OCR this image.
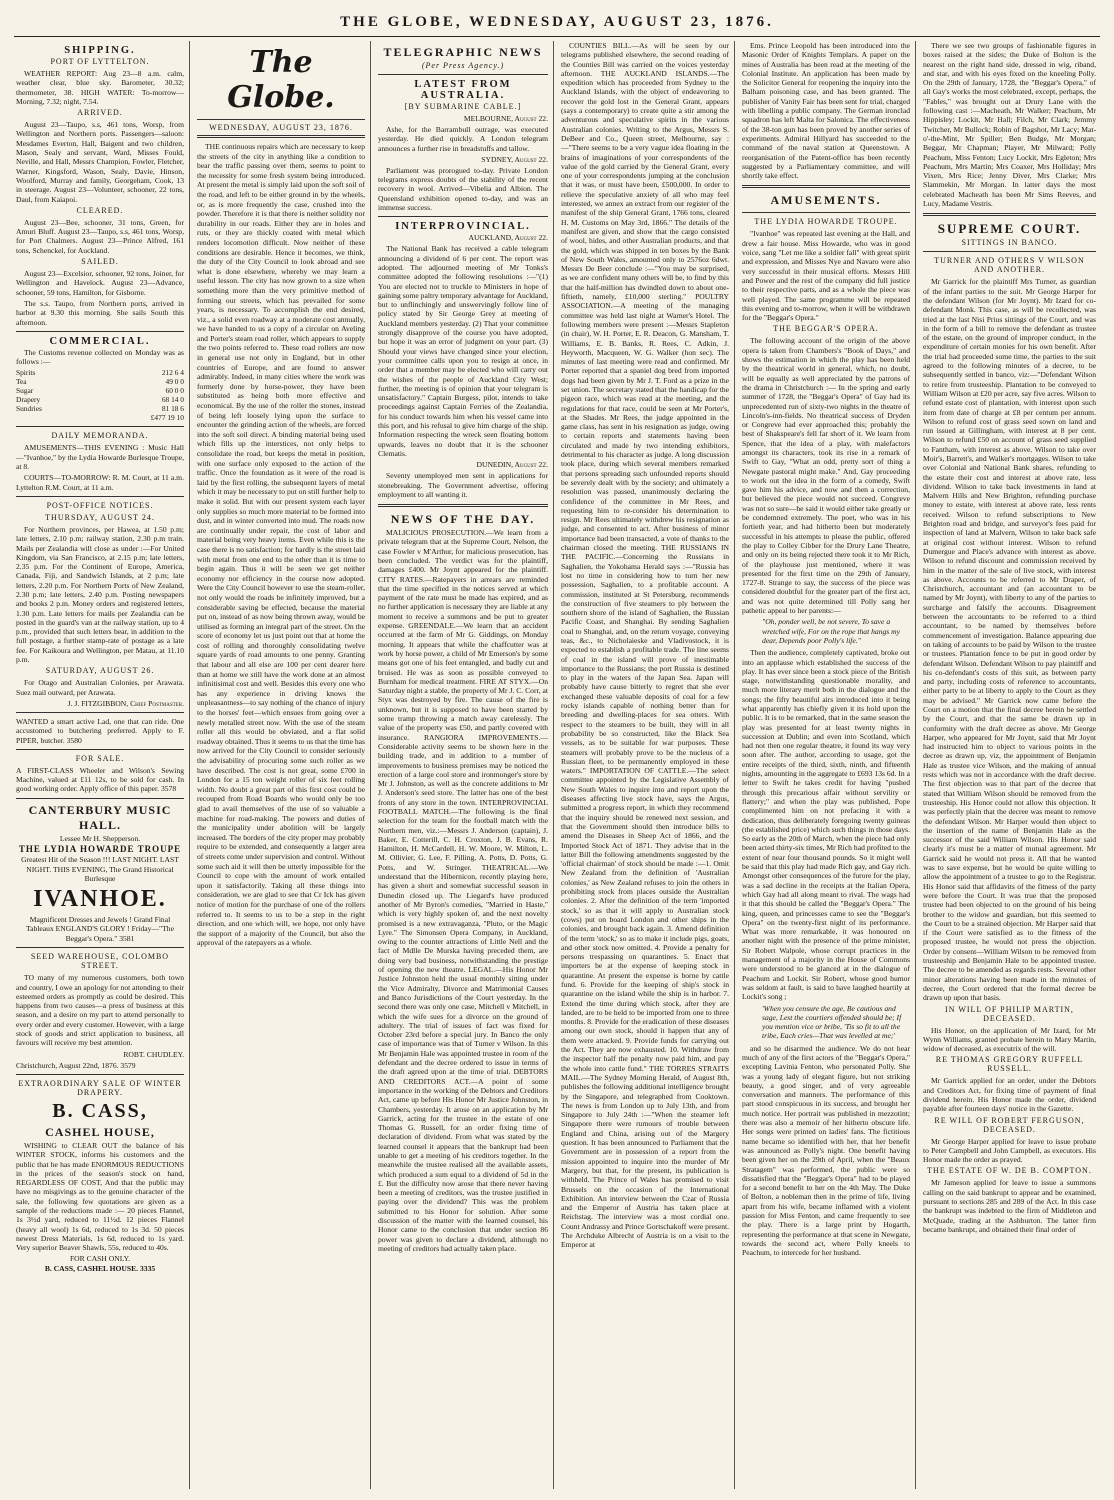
THE GLOBE, WEDNESDAY, AUGUST 23, 1876.
SHIPPING.
PORT OF LYTTELTON.

WEATHER REPORT: Aug 23—8 a.m. calm, weather clear, blue sky. Barometer, 30.32; thermometer, 38. HIGH WATER: To-morrow—Morning, 7.32; night, 7.54.

ARRIVED.

August 23—Taupo, s.s, 461 tons, Worsp, from Wellington and Northern ports. Passengers—saloon: Mesdames Everton, Hall, Baigent and two children, Mason, Sealy and servant, Ward, Misses Fould, Neville, and Hall, Messrs Champion, Fowler, Fletcher, Warner, Kingsford, Wason, Sealy, Davie, Hinson, Woolford, Murray and family, Georgeham, Cook, 13 in steerage. August 23—Volunteer, schooner, 22 tons, Daul, from Kaiapoi.

CLEARED.

August 23—Bee, schooner, 31 tons, Green, for Amuri Bluff. August 23—Taupo, s.s, 461 tons, Worsp, for Port Chalmers. August 23—Prince Alfred, 161 tons, Schenckel, for Auckland.

SAILED.

August 23—Excelsior, schooner, 92 tons, Joiner, for Wellington and Havelock. August 23—Advance, schooner, 59 tons, Hamilton, for Gisborne.

The s.s. Taupo, from Northern ports, arrived in harbor at 9.30 this morning. She sails South this afternoon.

COMMERCIAL.

The Customs revenue collected on Monday was as follows :—

Spirits	212 6 4
Tea	49 0 0
Sugar	60 0 0
Drapery	68 14 0
Sundries	81 18 6
	£477 19 10
DAILY MEMORANDA.

AMUSEMENTS—THIS EVENING : Music Hall—"Ivanhoe," by the Lydia Howarde Burlesque Troupe, at 8.

COURTS—TO-MORROW: R. M. Court, at 11 a.m. Lyttelton R.M. Court, at 11 a.m.

POST-OFFICE NOTICES.
THURSDAY, AUGUST 24.

For Northern provinces, per Hawea, at 1.50 p.m; late letters, 2.10 p.m; railway station, 2.30 p.m train. Mails per Zealandia will close as under :—For United Kingdom, via San Francisco, at 2.15 p.m; late letters, 2.35 p.m. For the Continent of Europe, America, Canada, Fiji, and Sandwich Islands, at 2 p.m; late letters, 2.20 p.m. For Northern Ports of New Zealand, 2.30 p.m; late letters, 2.40 p.m. Posting newspapers and books 2 p.m. Money orders and registered letters, 1.30 p.m. Late letters for mails per Zealandia can be posted in the guard's van at the railway station, up to 4 p.m., provided that such letters bear, in addition to the full postage, a further stamp-rate of postage as a late fee. For Kaikoura and Wellington, per Matau, at 11.10 p.m.

SATURDAY, AUGUST 26.

For Otago and Australian Colonies, per Arawata. Suez mail outward, per Arawata.

J. J. FITZGIBBON, Chief Postmaster.

WANTED a smart active Lad, one that can ride. One accustomed to butchering preferred. Apply to F. PIPER, butcher. 3580

FOR SALE.

A FIRST-CLASS Wheeler and Wilson's Sewing Machine, valued at £11 12s, to be sold for cash. In good working order. Apply office of this paper. 3578

CANTERBURY MUSIC HALL.
Lessee Mr H. Shepperson.
THE LYDIA HOWARDE TROUPE
Greatest Hit of the Season !!! LAST NIGHT. LAST NIGHT. THIS EVENING, The Grand Historical Burlesque
IVANHOE.
Magnificent Dresses and Jewels ! Grand Final Tableaux ENGLAND'S GLORY ! Friday—"The Beggar's Opera." 3581
SEED WAREHOUSE, COLOMBO STREET.

TO many of my numerous customers, both town and country, I owe an apology for not attending to their esteemed orders as promptly as could be desired. This happens from two causes—a press of business at this season, and a desire on my part to attend personally to every order and every customer. However, with a large stock of goods and strict application to business, all favours will receive my best attention.

ROBT. CHUDLEY.

Christchurch, August 22nd, 1876. 3579

EXTRAORDINARY SALE OF WINTER DRAPERY.
B. CASS,
CASHEL HOUSE,

WISHING to CLEAR OUT the balance of his WINTER STOCK, informs his customers and the public that he has made ENORMOUS REDUCTIONS in the prices of the season's stock on hand, REGARDLESS OF COST, And that the public may have no misgivings as to the genuine character of the sale, the following few quotations are given as a sample of the reductions made :— 20 pieces Flannel, 1s 3½d yard, reduced to 11½d. 12 pieces Flannel (heavy all wool) 1s 6d, reduced to 1s 3d. 50 pieces newest Dress Materials, 1s 6d, reduced to 1s yard. Very superior Beaver Shawls, 55s, reduced to 40s.

FOR CASH ONLY.
B. CASS, CASHEL HOUSE. 3335
The Globe.
WEDNESDAY, AUGUST 23, 1876.

THE continuous repairs which are necessary to keep the streets of the city in anything like a condition to bear the traffic passing over them, seems to point to the necessity for some fresh system being introduced. At present the metal is simply laid upon the soft soil of the road, and left to be either ground in by the wheels, or, as is more frequently the case, crushed into the powder. Therefore it is that there is neither solidity nor durability in our roads. Either they are in holes and ruts, or they are thickly coated with metal which renders locomotion difficult. Now neither of these conditions are desirable. Hence it becomes, we think, the duty of the City Council to look abroad and see what is done elsewhere, whereby we may learn a useful lesson. The city has now grown to a size when something more than the very primitive method of forming our streets, which has prevailed for some years, is necessary. To accomplish the end desired, viz., a solid even roadway at a moderate cost annually, we have handed to us a copy of a circular on Aveling and Porter's steam road roller, which appears to supply the two points referred to. These road rollers are now in general use not only in England, but in other countries of Europe, and are found to answer admirably. Indeed, in many cities where the work was formerly done by horse-power, they have been substituted as being both more effective and economical. By the use of the roller the stones, instead of being left loosely lying upon the surface to encounter the grinding action of the wheels, are forced into the soft soil direct. A binding material being used which fills up the interstices, not only helps to consolidate the road, but keeps the metal in position, with one surface only exposed to the action of the traffic. Once the foundation as it were of the road is laid by the first rolling, the subsequent layers of metal which it may be necessary to put on still further help to make it solid. But with our present system each layer only supplies so much more material to be formed into dust, and in winter converted into mud. The roads now are continually under repair, the cost of labor and material being very heavy items. Even while this is the case there is no satisfaction; for hardly is the street laid with metal from one end to the other than it is time to begin again. Thus it will be seen we get neither economy nor efficiency in the course now adopted. Were the City Council however to use the steam-roller, not only would the roads be infinitely improved, but a considerable saving be effected, because the material put on, instead of as now being thrown away, would be utilised as forming an integral part of the street. On the score of economy let us just point out that at home the cost of rolling and thoroughly consolidating twelve square yards of road amounts to one penny. Granting that labour and all else are 100 per cent dearer here than at home we still have the work done at an almost infinitisimal cost and well. Besides this every one who has any experience in driving knows the unpleasantness—to say nothing of the chance of injury to the horses' feet—which ensues from going over a newly metalled street now. With the use of the steam roller all this would be obviated, and a flat solid roadway obtained. Thus it seems to us that the time has now arrived for the City Council to consider seriously the advisability of procuring some such roller as we have described. The cost is not great, some £700 in London for a 15 ton weight roller of six feet rolling width. No doubt a great part of this first cost could be recouped from Road Boards who would only be too glad to avail themselves of the use of so valuable a machine for road-making. The powers and duties of the municipality under abolition will be largely increased. The borders of the city proper may probably require to be extended, and consequently a larger area of streets come under supervision and control. Without some such aid it will then be utterly impossible for the Council to cope with the amount of work entailed upon it satisfactorily. Taking all these things into consideration, we are glad to see that Cr Ick has given notice of motion for the purchase of one of the rollers referred to. It seems to us to be a step in the right direction, and one which will, we hope, not only have the support of a majority of the Council, but also the approval of the ratepayers as a whole.

TELEGRAPHIC NEWS
(Per Press Agency.)
LATEST FROM AUSTRALIA.
[BY SUBMARINE CABLE.]
MELBOURNE, August 22.

Ashe, for the Barrambull outrage, was executed yesterday. He died quickly. A London telegram announces a further rise in breadstuffs and tallow.

SYDNEY, August 22.

Parliament was prorogued to-day. Private London telegrams express doubts of the stability of the recent recovery in wool. Arrived—Vibelia and Albion. The Queensland exhibition opened to-day, and was an immense success.

INTERPROVINCIAL.
AUCKLAND, August 22.

The National Bank has received a cable telegram announcing a dividend of 6 per cent. The report was adopted. The adjourned meeting of Mr Tonks's committee adopted the following resolutions :—"(1) You are elected not to truckle to Ministers in hope of gaining some paltry temporary advantage for Auckland, but to unflinchingly and unswervingly follow line of policy stated by Sir George Grey at meeting of Auckland members yesterday. (2) That your committee strongly disapprove of the course you have adopted, but hope it was an error of judgment on your part. (3) Should your views have changed since your election, your committee calls upon you to resign at once, in order that a member may be elected who will carry out the wishes of the people of Auckland City West; further, the meeting is of opinion that your telegram is unsatisfactory." Captain Burgess, pilot, intends to take proceedings against Captain Ferries of the Zealandia, for his conduct towards him when his vessel came into this port, and his refusal to give him charge of the ship. Information respecting the wreck seen floating bottom upwards, leaves no doubt that it is the schooner Clematis.

DUNEDIN, August 22.

Seventy unemployed men sent in applications for stonebreaking. The Government advertise, offering employment to all wanting it.

NEWS OF THE DAY.

MALICIOUS PROSECUTION.—We learn from a private telegram that at the Supreme Court, Nelson, the case Fowler v M'Arthur, for malicious prosecution, has been concluded. The verdict was for the plaintiff, damages £400. Mr Joynt appeared for the plaintiff. CITY RATES.—Ratepayers in arrears are reminded that the time specified in the notices served at which payment of the rate must be made has expired, and as no further application is necessary they are liable at any moment to receive a summons and be put to greater expense. GREENDALE.—We learn that an accident occurred at the farm of Mr G. Giddings, on Monday morning. It appears that while the chaffcutter was at work by horse power, a child of Mr Emerson's by some means got one of his feet entangled, and badly cut and bruised. He was as soon as possible conveyed to Burnham for medical treatment. FIRE AT STYX.—On Saturday night a stable, the property of Mr J. C. Corr, at Styx was destroyed by fire. The cause of the fire is unknown, but it is supposed to have been started by some tramp throwing a match away carelessly. The value of the property was £50, and partly covered with insurance. RANGIORA IMPROVEMENTS.—Considerable activity seems to be shown here in the building trade, and in addition to a number of improvements to business premises may be noticed the erection of a large cool store and ironmonger's store by Mr J. Johnston, as well as the concrete additions to Mr J. Anderson's seed store. The latter has one of the best fronts of any store in the town. INTERPROVINCIAL FOOTBALL MATCH.—The following is the final selection for the team for the football match with the Northern men, viz.:—Messrs J. Anderson (captain), J. Baker, E. Cotterill, C. H. Croxton, J. B. Evans, R. Hamilton, H. McCardell, H. W. Moore, W. Milton, L. M. Ollivier, G. Lee, F. Pilling, A. Potts, D. Potts, G. Potts, and W. Stringer. THEATRICAL.—We understand that the Hibernicon, recently playing here, has given a short and somewhat successful season in Dunedin closed up. The Liegard's have produced another of Mr Byron's comedies, "Married in Haste," which is very highly spoken of, and the next novelty promised is a new extravaganza, "Pluto, or the Magic Lyre." The Simonsen Opera Company, in Auckland, owing to the counter attractions of Little Nell and the fact of Mdlle De Murska having preceded them, are doing very bad business, notwithstanding the prestige of opening the new theatre. LEGAL.—His Honor Mr Justice Johnston held the usual monthly sitting under the Vice Admiralty, Divorce and Matrimonial Causes and Banco Jurisdictions of the Court yesterday. In the second there was only one case, Mitchell v Mitchell, in which the wife sues for a divorce on the ground of adultery. The trial of issues of fact was fixed for October 23rd before a special jury. In Banco the only case of importance was that of Turner v Wilson. In this Mr Benjamin Hale was appointed trustee in room of the defendant and the decree ordered to issue in terms of the draft agreed upon at the time of trial. DEBTORS AND CREDITORS ACT.—A point of some importance in the working of the Debtors and Creditors Act, came up before His Honor Mr Justice Johnston, in Chambers, yesterday. It arose on an application by Mr Garrick, acting for the trustee in the estate of one Thomas G. Russell, for an order fixing time of declaration of dividend. From what was stated by the learned counsel it appears that the bankrupt had been unable to get a meeting of his creditors together. In the meanwhile the trustee realised all the available assets, which produced a sum equal to a dividend of 5d in the £. But the difficulty now arose that there never having been a meeting of creditors, was the trustee justified in paying over the dividend? This was the problem submitted to his Honor for solution. After some discussion of the matter with the learned counsel, his Honor came to the conclusion that under section 86 power was given to declare a dividend, although no meeting of creditors had actually taken place.

COUNTIES BILL.—As will be seen by our telegrams published elsewhere, the second reading of the Counties Bill was carried on the voices yesterday afternoon. THE AUCKLAND ISLANDS.—The expedition which has proceeded from Sydney to the Auckland Islands, with the object of endeavoring to recover the gold lost in the General Grant, appears (says a contemporary) to create quite a stir among the adventurous and speculative spirits in the various Australian colonies. Writing to the Argus, Messrs S. DeBeer and Co., Queen street, Melbourne, say :—"There seems to be a very vague idea floating in the brains of imaginations of your correspondents of the value of the gold carried by the General Grant, every one of your correspondents jumping at the conclusion that it was, or must have been, £500,000. In order to relieve the speculative anxiety of all who may feel interested, we annex an extract from our register of the manifest of the ship General Grant, 1766 tons, cleared H. M. Customs on May 3rd, 1866." The details of the manifest are given, and show that the cargo consisted of wool, hides, and other Australian products, and that the gold, which was shipped in ten boxes by the Bank of New South Wales, amounted only to 2576oz 6dwt. Messrs De Beer conclude :—"You may be surprised, as we are confident many others will be, to find by this that the half-million has dwindled down to about one-fiftieth, namely, £10,000 sterling." POULTRY ASSOCIATION.—A meeting of the managing committee was held last night at Warner's Hotel. The following members were present :—Messrs Stapleton (in chair), W. H. Porter, E. R. Deacon, G. Mansham, T. Williams, E. B. Banks, R. Rees, C. Adkin, J. Heyworth, Macqueen, W. G. Walker (hon sec). The minutes of last meeting were read and confirmed. Mr Porter reported that a spaniel dog bred from imported dogs had been given by Mr J. T. Ford as a prize in the set union. The secretary stated that the handicap for the pigeon race, which was read at the meeting, and the regulations for that race, could be seen at Mr Porter's, at the Shades. Mr Rees, the judge appointed in the game class, has sent in his resignation as judge, owing to certain reports and statements having been circulated and made by two intending exhibitors, detrimental to his character as judge. A long discussion took place, during which several members remarked that persons spreading such unfounded reports should be severely dealt with by the society; and ultimately a resolution was passed, unanimously declaring the confidence of the committee in Mr Rees, and requesting him to re-consider his determination to resign. Mr Rees ultimately withdrew his resignation as judge, and consented to act. After business of minor importance had been transacted, a vote of thanks to the chairman closed the meeting. THE RUSSIANS IN THE PACIFIC.—Concerning the Russians in Saghalien, the Yokohama Herald says :—"Russia has lost no time in considering how to turn her new possession, Saghalien, to a profitable account. A commission, instituted at St Petersburg, recommends the construction of five steamers to ply between the southern shore of the island of Saghalien, the Russian Pacific Coast, and Shanghai. By sending Saghalien coal to Shanghai, and, on the return voyage, conveying teas, &c., to Nicholaieske and Vladivostock, it is expected to establish a profitable trade. The line seems of coal in the island will prove of inestimable importance to the Russians; the port Russia is destined to play in the waters of the Japan Sea. Japan will probably have cause bitterly to regret that she ever exchanged these valuable deposits of coal for a few rocky islands capable of nothing better than for breeding and dwelling-places for sea otters. With respect to the steamers to be built, they will in all probability be so constructed, like the Black Sea vessels, as to be suitable for war purposes. These steamers will probably prove to be the nucleus of a Russian fleet, to be permanently employed in these waters." IMPORTATION OF CATTLE.—The select committee appointed by the Legislative Assembly of New South Wales to inquire into and report upon the diseases affecting live stock have, says the Argus, submitted a progress report, in which they recommend that the inquiry should be renewed next session, and that the Government should then introduce bills to amend the Diseases in Sheep Act of 1866, and the Imported Stock Act of 1871. They advise that in the latter Bill the following amendments suggested by the 'official chairman' of stock should be made :—1. Omit New Zealand from the definition of 'Australian colonies,' as New Zealand refuses to join the others in prohibiting stock from places outside the Australian colonies. 2. After the definition of the term 'imported stock,' so as that it will apply to Australian stock (cows) put on board London and other ships in the colonies, and brought back again. 3. Amend definition of the term 'stock,' so as to make it include pigs, goats, and other stock now omitted. 4. Provide a penalty for persons trespassing on quarantines. 5. Enact that importers be at the expense of keeping stock in quarantine. At present the expense is borne by cattle fund. 6. Provide for the keeping of ship's stock in quarantine on the island while the ship is in harbor. 7. Extend the time during which stock, after they are landed, are to be held to be imported from one to three months. 8. Provide for the eradication of these diseases among our own stock, should it happen that any of them were attacked. 9. Provide funds for carrying out the Act. They are now exhausted. 10. Withdraw from the inspector half the penalty now paid him, and pay the whole into cattle fund." THE TORRES STRAITS MAIL.—The Sydney Morning Herald, of August 8th, publishes the following additional intelligence brought by the Singapore, and telegraphed from Cooktown. The news is from London up to July 13th, and from Singapore to July 24th :—"When the steamer left Singapore there were rumours of trouble between England and China, arising out of the Margery question. It has been announced to Parliament that the Government are in possession of a report from the mission appointed to inquire into the murder of Mr Margery, but that, for the present, its publication is withheld. The Prince of Wales has promised to visit Brussels on the occasion of the International Exhibition. An interview between the Czar of Russia and the Emperor of Austria has taken place at Reichstag. The interview was a most cordial one. Count Andrassy and Prince Gortschakoff were present. The Archduke Albrecht of Austria is on a visit to the Emperor at

Ems. Prince Leopold has been introduced into the Masonic Order of Knights Templars. A paper on the mines of Australia has been read at the meeting of the Colonial Institute. An application has been made by the Solicitor General for reopening the inquiry into the Balham poisoning case, and has been granted. The publisher of Vanity Fair has been sent for trial, charged with libelling a public company. The German ironclad squadron has left Malta for Salonica. The effectiveness of the 38-ton gun has been proved by another series of experiments. Admiral Hillyard has succeeded to the command of the naval station at Queenstown. A reorganisation of the Patent-office has been recently suggested by a Parliamentary committee, and will shortly take effect.

AMUSEMENTS.
THE LYDIA HOWARDE TROUPE.

"Ivanhoe" was repeated last evening at the Hall, and drew a fair house. Miss Howarde, who was in good voice, sang "Let me like a soldier fall" with great spirit and expression, and Misses Nye and Navaro were also very successful in their musical efforts. Messrs Hill and Power and the rest of the company did full justice to their respective parts, and as a whole the piece was well played. The same programme will be repeated this evening and to-morrow, when it will be withdrawn for the "Beggar's Opera."

THE BEGGAR'S OPERA.

The following account of the origin of the above opera is taken from Chambers's "Book of Days," and shows the estimation in which the play has been held by the theatrical world in general, which, no doubt, will be equally as well appreciated by the patrons of the drama in Christchurch :— In the spring and early summer of 1728, the "Beggar's Opera" of Gay had its unprecedented run of sixty-two nights in the theatre of Lincoln's-inn-fields. No theatrical success of Dryden or Congreve had ever approached this; probably the best of Shakspeare's fell far short of it. We learn from Spence, that the idea of a play, with malefactors amongst its characters, took its rise in a remark of Swift to Gay, "What an odd, pretty sort of thing a Newgate pastoral might make." And, Gay proceeding to work out the idea in the form of a comedy, Swift gave him his advice, and now and then a correction, but believed the piece would not succeed. Congreve was not so sure—he said it would either take greatly or be condemned extremely. The poet, who was in his fortieth year, and had hitherto been but moderately successful in his attempts to please the public, offered the play to Colley Cibber for the Drury Lane Theatre, and only on its being rejected there took it to Mr Rich, of the playhouse just mentioned, where it was presented for the first time on the 29th of January, 1727-8. Strange to say, the success of the piece was considered doubtful for the greater part of the first act, and was not quite determined till Polly sang her pathetic appeal to her parents:—

"Oh, ponder well, be not severe, To save a wretched wife, For on the rope that hangs my dear, Depends poor Polly's life."

Then the audience, completely captivated, broke out into an applause which established the success of the play. It has ever since been a stock piece of the British stage, notwithstanding questionable morality, and much more literary merit both in the dialogue and the songs; the fifty beautiful airs introduced into it being what apparently has chiefly given it its hold upon the public. It is to be remarked, that in the same season the play was presented for at least twenty nights in succession at Dublin; and even into Scotland, which had not then one regular theatre, it found its way very soon after. The author, according to usage, got the entire receipts of the third, sixth, ninth, and fifteenth nights, amounting in the aggregate to £693 13s 6d. In a letter to Swift he takes credit for having "pushed through this precarious affair without servility or flattery;" and when the play was published, Pope complimented him on not prefacing it with a dedication, thus deliberately foregoing twenty guineas (the established price) which such things in those days. So early as the 20th of March, when the piece had only been acted thirty-six times, Mr Rich had profited to the extent of near four thousand pounds. So it might well be said that this play had made Rich gay, and Gay rich. Amongst other consequences of the furore for the play, was a sad decline in the receipts at the Italian Opera, which Gay had all along meant to rival. The wags had it that this should be called the "Beggar's Opera." The king, queen, and princesses came to see the "Beggar's Opera" on the twenty-first night of its performance. What was more remarkable, it was honoured on another night with the presence of the prime minister, Sir Robert Walpole, whose corrupt practices in the management of a majority in the House of Commons were understood to be glanced at in the dialogue of Peachum and Lockit. Sir Robert, whose good humor was seldom at fault, is said to have laughed heartily at Lockit's song ;

'When you censure the age, Be cautious and sage, Lest the courtiers offended should be; If you mention vice or bribe, 'Tis so fit to all the tribe, Each cries—That was levelled at me;'

and so he disarmed the audience. We do not hear much of any of the first actors of the "Beggar's Opera," excepting Lavinia Fenton, who personated Polly. She was a young lady of elegant figure, but not striking beauty, a good singer, and of very agreeable conversation and manners. The performance of this part stood conspicuous in its success, and brought her much notice. Her portrait was published in mezzotint; there was also a memoir of her hitherto obscure life. Her songs were printed on ladies' fans. The fictitious name became so identified with her, that her benefit was announced as Polly's night. One benefit having been given her on the 29th of April, when the "Beaux Stratagem" was performed, the public were so dissatisfied that the "Beggar's Opera" had to be played for a second benefit to her on the 4th May. The Duke of Bolton, a nobleman then in the prime of life, living apart from his wife, became inflamed with a violent passion for Miss Fenton, and came frequently to see the play. There is a large print by Hogarth, representing the performance at that scene in Newgate, towards the second act, where Polly kneels to Peachum, to intercede for her husband.

There we see two groups of fashionable figures in boxes raised at the sides; the Duke of Bolton is the nearest on the right hand side, dressed in wig, riband, and star, and with his eyes fixed on the kneeling Polly. On the 29th of January, 1728, the "Beggar's Opera," of all Gay's works the most celebrated, except, perhaps, the "Fables," was brought out at Drury Lane with the following cast :—Macheath, Mr Walker; Peachum, Mr Hippisley; Lockit, Mr Hall; Filch, Mr Clark; Jemmy Twitcher, Mr Bullock; Robin of Bagshot, Mr Lacy; Mat-o'-the-Mint, Mr Spiller; Ben Budge, Mr Morgan; Beggar, Mr Chapman; Player, Mr Milward; Polly Peachum, Miss Fenton; Lucy Lockit, Mrs Egleton; Mrs Peachum, Mrs Martin; Mrs Coaxer, Mrs Holliday; Mrs Vixen, Mrs Rice; Jenny Diver, Mrs Clarke; Mrs Slammekin, Mr Morgan. In latter days the most celebrated Macheath has been Mr Sims Reeves, and Lucy, Madame Vestris.

SUPREME COURT.
SITTINGS IN BANCO.
TURNER AND OTHERS V WILSON AND ANOTHER.

Mr Garrick for the plaintiff Mrs Turner, as guardian of the infant parties to the suit. Mr George Harper for the defendant Wilson (for Mr Joynt). Mr Izard for co-defendant Monk. This case, as will be recollected, was tried at the last Nisi Prius sittings of the Court, and was in the form of a bill to remove the defendant as trustee of the estate, on the ground of improper conduct, in the expenditure of certain monies for his own benefit. After the trial had proceeded some time, the parties to the suit agreed to the following minutes of a decree, to be subsequently settled in banco, viz:—"Defendant Wilson to retire from trusteeship. Plantation to be conveyed to William Wilson at £20 per acre, say five acres. Wilson to refund estate cost of plantation, with interest upon such item from date of charge at £8 per centum per annum. Wilson to refund cost of grass seed sown on land and run issued at Gillingham, with interest at 8 per cent. Wilson to refund £50 on account of grass seed supplied to Fantham, with interest as above. Wilson to take over Moir's, Barrett's, and Walker's mortgages. Wilson to take over Colonial and National Bank shares, refunding to the estate their cost and interest at above rate, less dividend. Wilson to take back investments in land at Malvern Hills and New Brighton, refunding purchase money to estate, with interest at above rate, less rents received. Wilson to refund subscriptions to New Brighton road and bridge, and surveyor's fees paid for inspection of land at Malvern, Wilson to take back safe at original cost without interest. Wilson to refund Dumergue and Place's advance with interest as above. Wilson to refund discount and commission received by him in the matter of the sale of live stock, with interest as above. Accounts to be referred to Mr Draper, of Christchurch, accountant and (an accountant to be named by Mr Joynt), with liberty to any of the parties to surcharge and falsify the accounts. Disagreement between the accountants to be referred to a third accountant, to be named by themselves before commencement of investigation. Balance appearing due on taking of accounts to be paid by Wilson to the trustee or trustees. Plantation fence to be put in good order by defendant Wilson. Defendant Wilson to pay plaintiff and his co-defendant's costs of this suit, as between party and party, including costs of reference to accountants, either party to be at liberty to apply to the Court as they may be advised." Mr Garrick now came before the Court on a motion that the final decree herein be settled by the Court, and that the same be drawn up in conformity with the draft decree as above. Mr George Harper, who appeared for Mr Joynt, said that Mr Joynt had instructed him to object to various points in the decree as drawn up, viz, the appointment of Benjamin Hale as trustee vice Wilson, and the making of annual rests which was not in accordance with the draft decree. The first objection was to that part of the decree that stated that William Wilson should be removed from the trusteeship. His Honor could not allow this objection. It was perfectly plain that the decree was meant to remove the defendant Wilson. Mr Harper would then object to the insertion of the name of Benjamin Hale as the successor of the said William Wilson. His Honor said clearly it's must be a matter of mutual agreement. Mr Garrick said he would not press it. All that he wanted was to save expense, but he would be quite willing to allow the appointment of a trustee to go to the Registrar. His Honor said that affidavits of the fitness of the party were before the Court. It was true that the proposed trustee had been objected to on the ground of his being brother to the widow and guardian, but this seemed to the Court to be a strained objection. Mr Harper said that if the Court were satisfied as to the fitness of the proposed trustee, he would not press the objection. Order by consent—William Wilson to be removed from trusteeship and Benjamin Hale to be appointed trustee. The decree to be amended as regards rests. Several other minor alterations having been made in the minutes of decree, the Court ordered that the formal decree be drawn up upon that basis.

IN WILL OF PHILIP MARTIN, DECEASED.

His Honor, on the application of Mr Izard, for Mr Wynn Williams, granted probate herein to Mary Martin, widow of deceased, as executrix of the will.

RE THOMAS GREGORY RUFFELL RUSSELL.

Mr Garrick applied for an order, under the Debtors and Creditors Act, for fixing time of payment of final dividend herein. His Honor made the order, dividend payable after fourteen days' notice in the Gazette.

RE WILL OF ROBERT FERGUSON, DECEASED.

Mr George Harper applied for leave to issue probate to Peter Campbell and John Campbell, as executors. His Honor made the order as prayed.

THE ESTATE OF W. DE B. COMPTON.

Mr Jameson applied for leave to issue a summons calling on the said bankrupt to appear and be examined, pursuant to sections 285 and 289 of the Act. In this case the bankrupt was indebted to the firm of Middleton and McQuade, trading at the Ashburton. The latter firm became bankrupt, and obtained their final order of
